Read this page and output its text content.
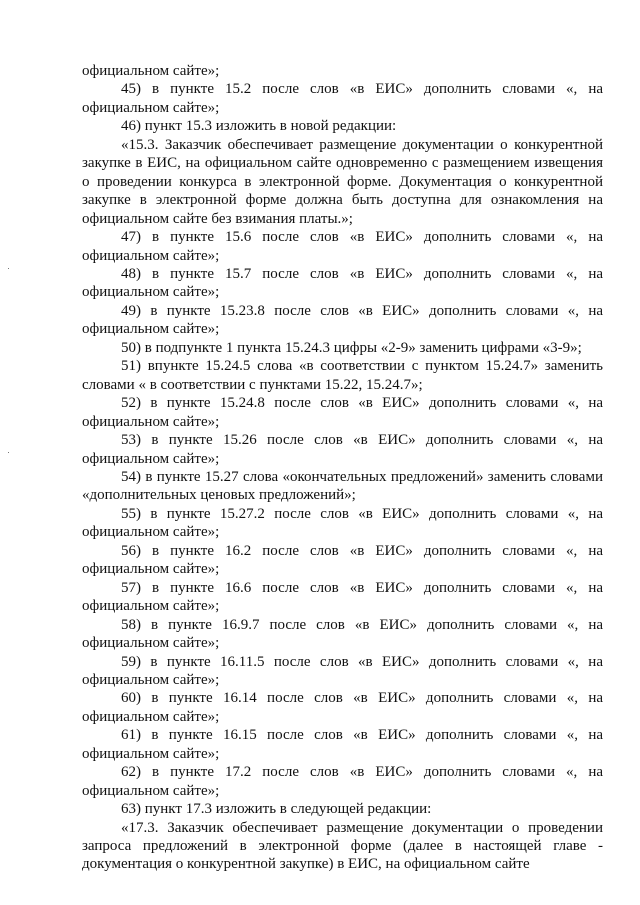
официальном сайте»;

45) в пункте 15.2 после слов «в ЕИС» дополнить словами «, на официальном сайте»;

46) пункт 15.3 изложить в новой редакции:

«15.3. Заказчик обеспечивает размещение документации о конкурентной закупке в ЕИС, на официальном сайте одновременно с размещением извещения о проведении конкурса в электронной форме. Документация о конкурентной закупке в электронной форме должна быть доступна для ознакомления на официальном сайте без взимания платы.»;

47) в пункте 15.6 после слов «в ЕИС» дополнить словами «, на официальном сайте»;

48) в пункте 15.7 после слов «в ЕИС» дополнить словами «, на официальном сайте»;

49) в пункте 15.23.8 после слов «в ЕИС» дополнить словами «, на официальном сайте»;

50) в подпункте 1 пункта 15.24.3 цифры «2-9» заменить цифрами «3-9»;

51) впункте 15.24.5 слова «в соответствии с пунктом 15.24.7» заменить словами « в соответствии с пунктами 15.22, 15.24.7»;

52) в пункте 15.24.8 после слов «в ЕИС» дополнить словами «, на официальном сайте»;

53) в пункте 15.26 после слов «в ЕИС» дополнить словами «, на официальном сайте»;

54) в пункте 15.27 слова «окончательных предложений» заменить словами «дополнительных ценовых предложений»;

55) в пункте 15.27.2 после слов «в ЕИС» дополнить словами «, на официальном сайте»;

56) в пункте 16.2 после слов «в ЕИС» дополнить словами «, на официальном сайте»;

57) в пункте 16.6 после слов «в ЕИС» дополнить словами «, на официальном сайте»;

58) в пункте 16.9.7 после слов «в ЕИС» дополнить словами «, на официальном сайте»;

59) в пункте 16.11.5 после слов «в ЕИС» дополнить словами «, на официальном сайте»;

60) в пункте 16.14 после слов «в ЕИС» дополнить словами «, на официальном сайте»;

61) в пункте 16.15 после слов «в ЕИС» дополнить словами «, на официальном сайте»;

62) в пункте 17.2 после слов «в ЕИС» дополнить словами «, на официальном сайте»;

63) пункт 17.3 изложить в следующей редакции:

«17.3. Заказчик обеспечивает размещение документации о проведении запроса предложений в электронной форме (далее в настоящей главе - документация о конкурентной закупке) в ЕИС, на официальном сайте
